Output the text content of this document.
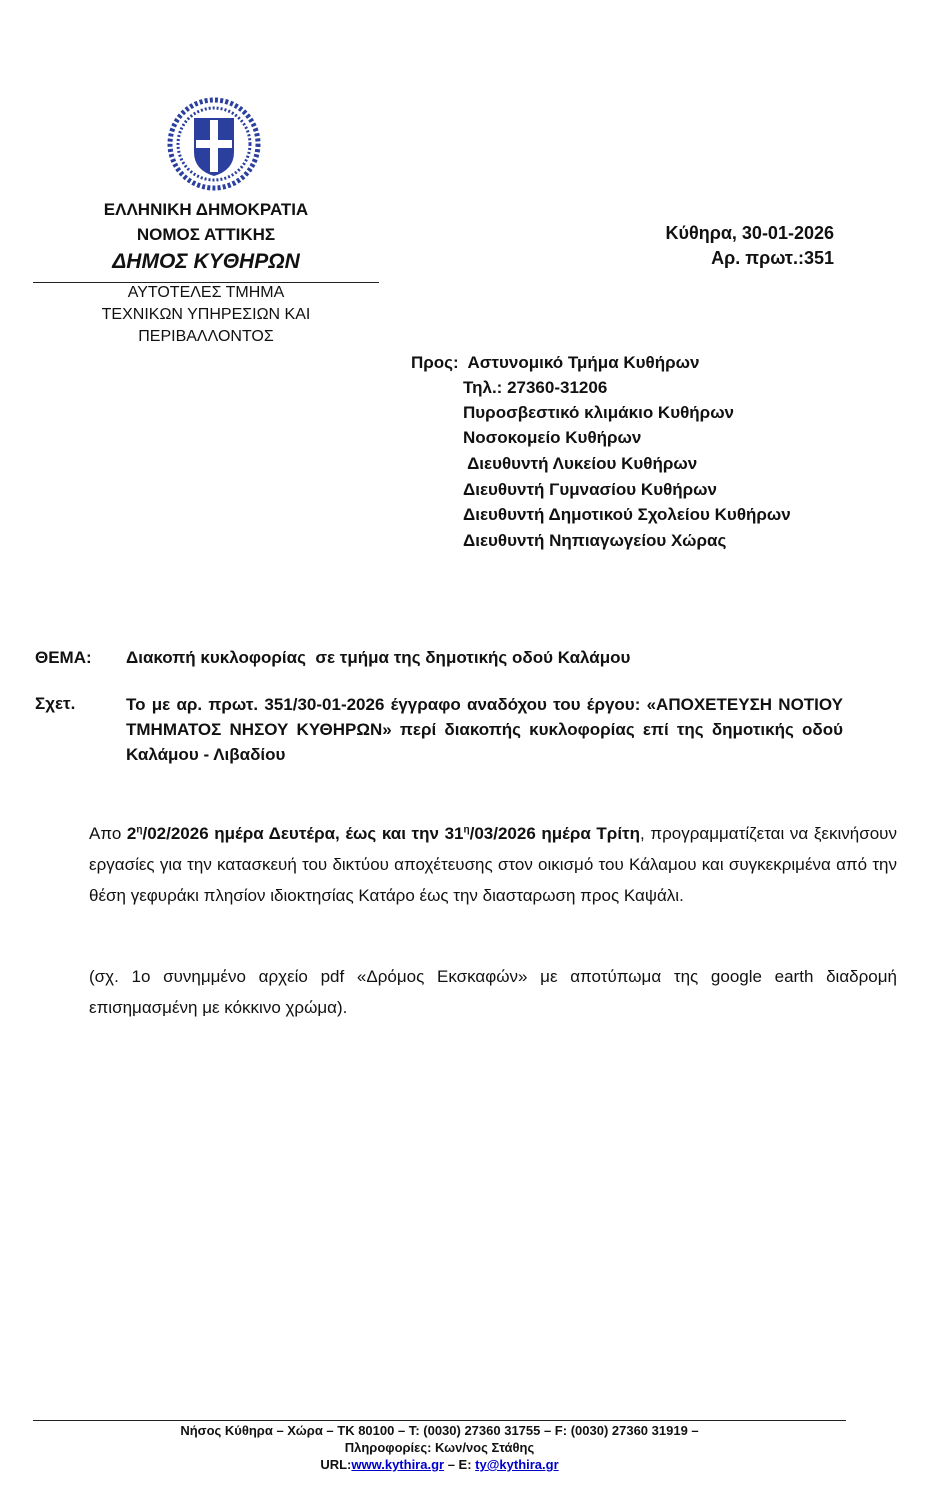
ΕΛΛΗΝΙΚΗ ΔΗΜΟΚΡΑΤΙΑ
ΝΟΜΟΣ ΑΤΤΙΚΗΣ
ΔΗΜΟΣ ΚΥΘΗΡΩΝ
ΑΥΤΟΤΕΛΕΣ ΤΜΗΜΑ
ΤΕΧΝΙΚΩΝ ΥΠΗΡΕΣΙΩΝ ΚΑΙ
ΠΕΡΙΒΑΛΛΟΝΤΟΣ
Κύθηρα, 30-01-2026
Αρ. πρωτ.:351
Προς: Αστυνομικό Τμήμα Κυθήρων
Τηλ.: 27360-31206
Πυροσβεστικό κλιμάκιο Κυθήρων
Νοσοκομείο Κυθήρων
Διευθυντή Λυκείου Κυθήρων
Διευθυντή Γυμνασίου Κυθήρων
Διευθυντή Δημοτικού Σχολείου Κυθήρων
Διευθυντή Νηπιαγωγείου Χώρας
ΘΕΜΑ: Διακοπή κυκλοφορίας  σε τμήμα της δημοτικής οδού Καλάμου
Σχετ.	Το με αρ. πρωτ. 351/30-01-2026 έγγραφο αναδόχου του έργου: «ΑΠΟΧΕΤΕΥΣΗ ΝΟΤΙΟΥ ΤΜΗΜΑΤΟΣ ΝΗΣΟΥ ΚΥΘΗΡΩΝ» περί διακοπής κυκλοφορίας επί της δημοτικής οδού Καλάμου - Λιβαδίου
Απο $2^\eta/02/2026$ ημέρα Δευτέρα, έως και την $31^\eta/03/2026$ ημέρα Τρίτη, προγραμματίζεται να ξεκινήσουν εργασίες για την κατασκευή του δικτύου αποχέτευσης στον οικισμό του Κάλαμου και συγκεκριμένα από την θέση γεφυράκι πλησίον ιδιοκτησίας Κατάρο έως την διασταρωση προς Καψάλι.
(σχ. 1ο συνημμένο αρχείο pdf «Δρόμος Εκσκαφών» με αποτύπωμα της google earth διαδρομή επισημασμένη με κόκκινο χρώμα).
Νήσος Κύθηρα – Χώρα – ΤΚ 80100 – Τ: (0030) 27360 31755 – F: (0030) 27360 31919 –
Πληροφορίες: Κων/νος Στάθης
URL:www.kythira.gr – E: ty@kythira.gr
